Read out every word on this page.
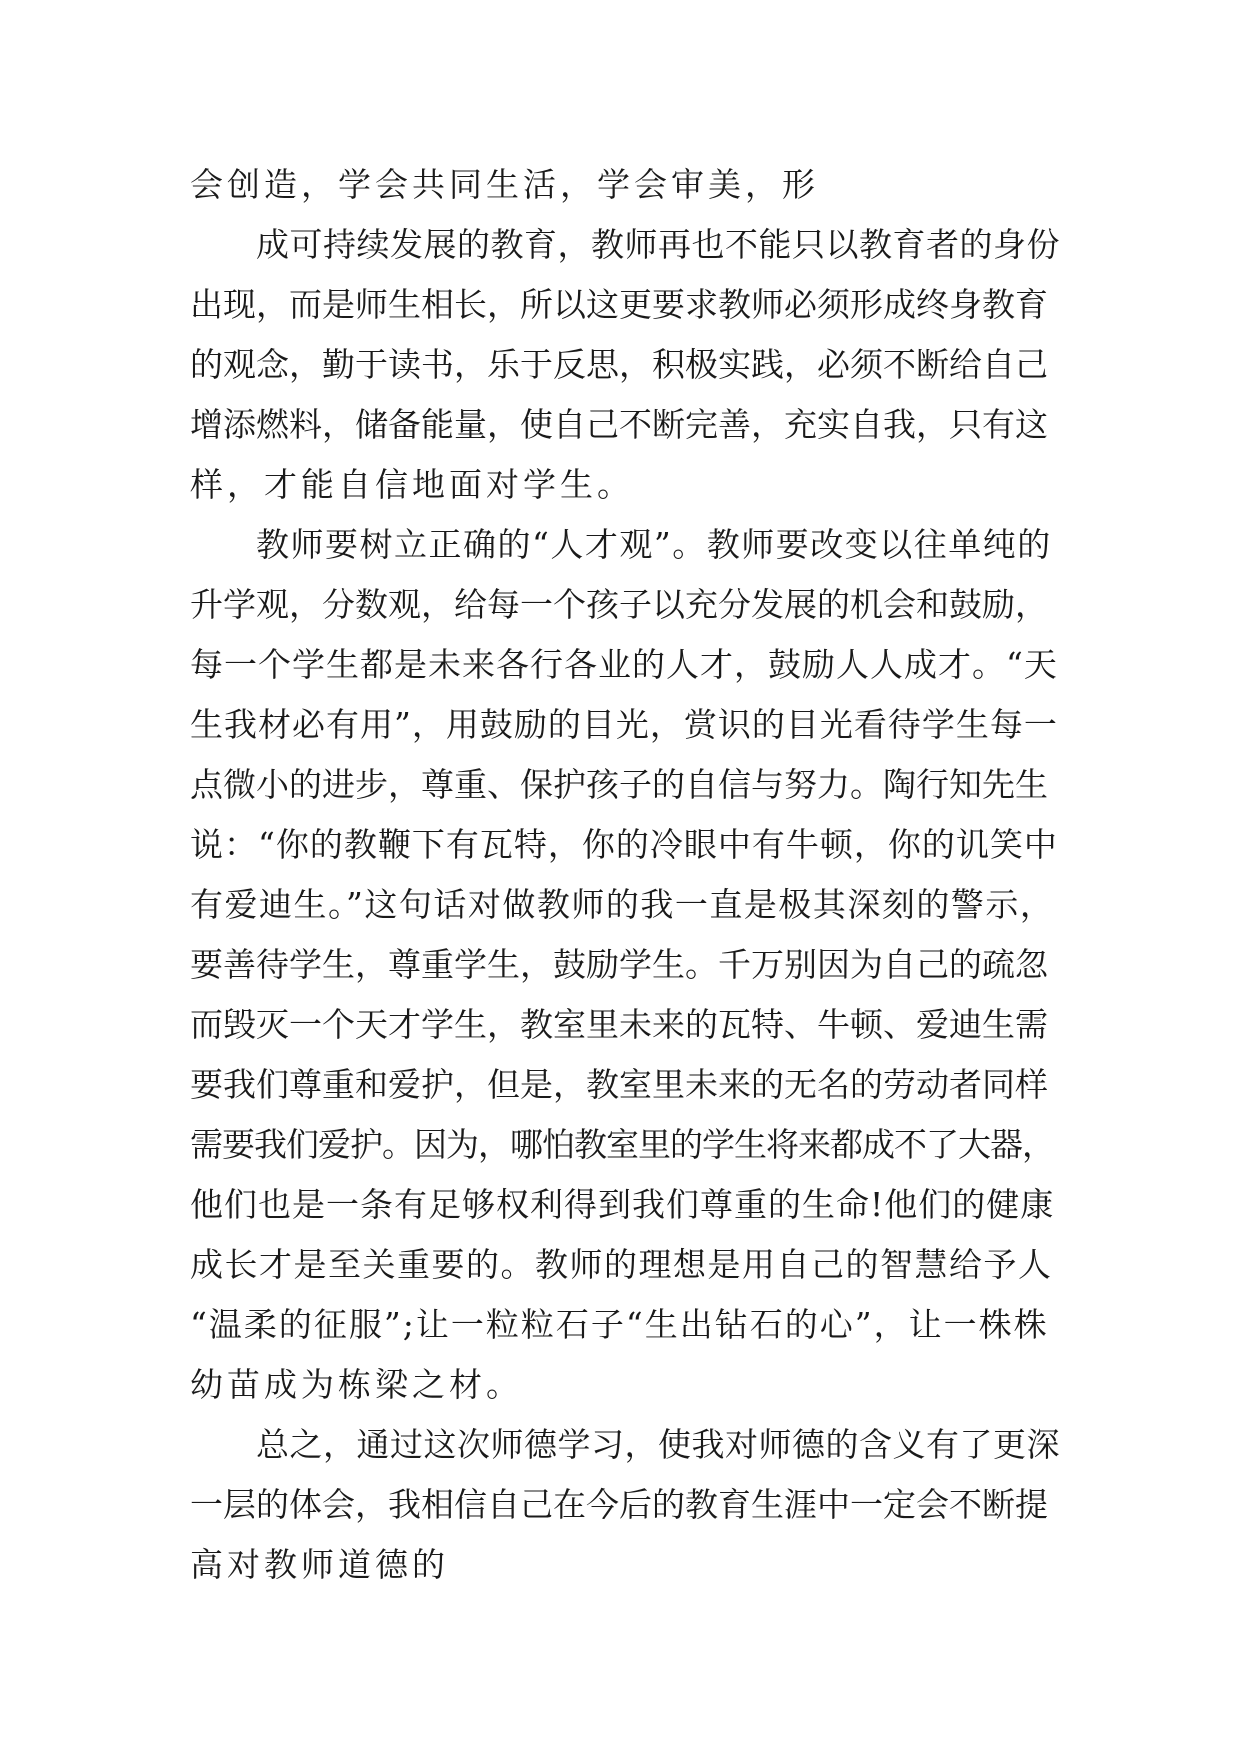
会创造，学会共同生活，学会审美，形
成可持续发展的教育，教师再也不能只以教育者的身份
出现，而是师生相长，所以这更要求教师必须形成终身教育
的观念，勤于读书，乐于反思，积极实践，必须不断给自己
增添燃料，储备能量，使自己不断完善，充实自我，只有这
样，才能自信地面对学生。
教师要树立正确的“人才观”。教师要改变以往单纯的
升学观，分数观，给每一个孩子以充分发展的机会和鼓励，
每一个学生都是未来各行各业的人才，鼓励人人成才。“天
生我材必有用”，用鼓励的目光，赏识的目光看待学生每一
点微小的进步，尊重、保护孩子的自信与努力。陶行知先生
说：“你的教鞭下有瓦特，你的冷眼中有牛顿，你的讥笑中
有爱迪生。”这句话对做教师的我一直是极其深刻的警示，
要善待学生，尊重学生，鼓励学生。千万别因为自己的疏忽
而毁灭一个天才学生，教室里未来的瓦特、牛顿、爱迪生需
要我们尊重和爱护，但是，教室里未来的无名的劳动者同样
需要我们爱护。因为，哪怕教室里的学生将来都成不了大器，
他们也是一条有足够权利得到我们尊重的生命!他们的健康
成长才是至关重要的。教师的理想是用自己的智慧给予人
“温柔的征服”;让一粒粒石子“生出钻石的心”，让一株株
幼苗成为栋梁之材。
总之，通过这次师德学习，使我对师德的含义有了更深
一层的体会，我相信自己在今后的教育生涯中一定会不断提
高对教师道德的
